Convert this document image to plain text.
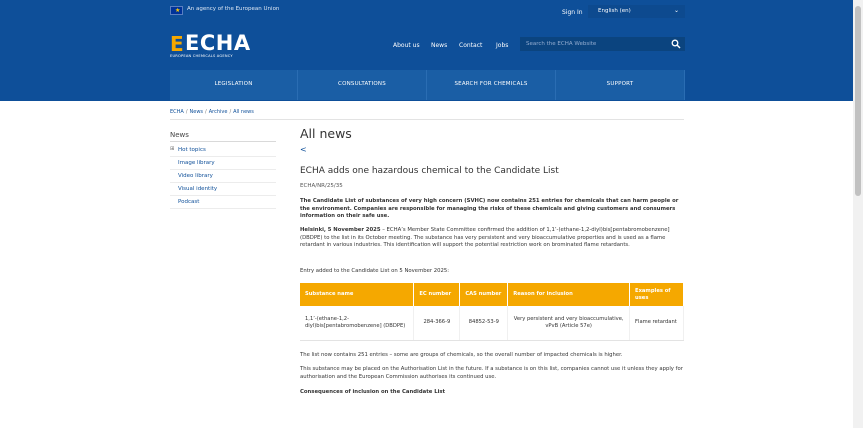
★ An agency of the European Union	Sign In	English (en)	⌄
E ECHA
EUROPEAN CHEMICALS AGENCY
About us News Contact Jobs
Search the ECHA Website
LEGISLATION	CONSULTATIONS	SEARCH FOR CHEMICALS	SUPPORT
ECHA / News / Archive / All news
News
⊞ Hot topics
Image library
Video library
Visual identity
Podcast
All news
<
ECHA adds one hazardous chemical to the Candidate List
ECHA/NR/25/35
The Candidate List of substances of very high concern (SVHC) now contains 251 entries for chemicals that can harm people or the environment. Companies are responsible for managing the risks of these chemicals and giving customers and consumers information on their safe use.
Helsinki, 5 November 2025 – ECHA’s Member State Committee confirmed the addition of 1,1’-(ethane-1,2-diyl)bis[pentabromobenzene] (DBDPE) to the list in its October meeting. The substance has very persistent and very bioaccumulative properties and is used as a flame retardant in various industries. This identification will support the potential restriction work on brominated flame retardants.
Entry added to the Candidate List on 5 November 2025:
Substance name	EC number	CAS number	Reason for inclusion	Examples of uses
1,1’-(ethane-1,2-diyl)bis[pentabromobenzene] (DBDPE)	284-366-9	84852-53-9	Very persistent and very bioaccumulative, vPvB (Article 57e)	Flame retardant
The list now contains 251 entries – some are groups of chemicals, so the overall number of impacted chemicals is higher.
This substance may be placed on the Authorisation List in the future. If a substance is on this list, companies cannot use it unless they apply for authorisation and the European Commission authorises its continued use.
Consequences of inclusion on the Candidate List
